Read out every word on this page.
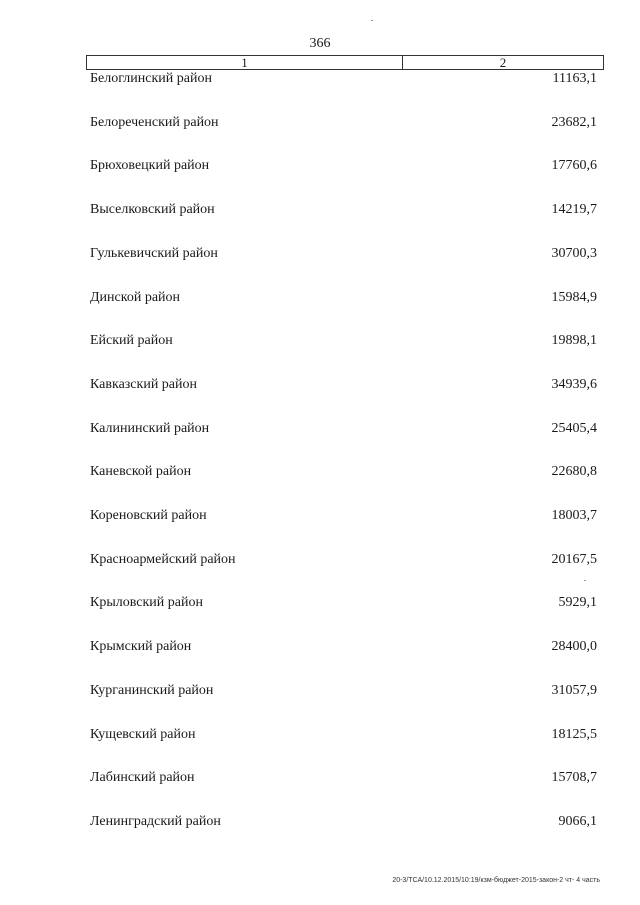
366
1	2
Белоглинский район	11163,1
Белореченский район	23682,1
Брюховецкий район	17760,6
Выселковский район	14219,7
Гулькевичский район	30700,3
Динской район	15984,9
Ейский район	19898,1
Кавказский район	34939,6
Калининский район	25405,4
Каневской район	22680,8
Кореновский район	18003,7
Красноармейский район	20167,5
Крыловский район	5929,1
Крымский район	28400,0
Курганинский район	31057,9
Кущевский район	18125,5
Лабинский район	15708,7
Ленинградский район	9066,1
20-3/ТСА/10.12.2015/10:19/кзм-бюджет-2015-закон-2 чт- 4 часть
